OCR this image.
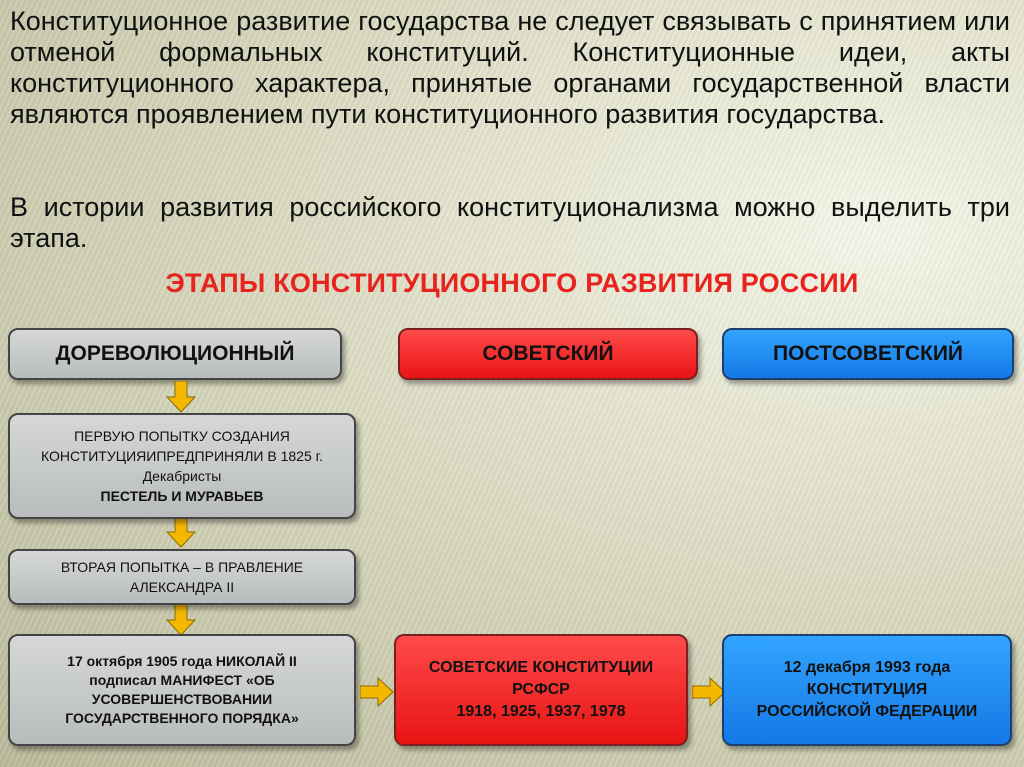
Конституционное развитие государства не следует связывать с принятием или отменой формальных конституций. Конституционные идеи, акты конституционного характера, принятые органами государственной власти являются проявлением пути конституционного развития государства.
В истории развития российского конституционализма можно выделить три этапа.
ЭТАПЫ КОНСТИТУЦИОННОГО РАЗВИТИЯ РОССИИ
ДОРЕВОЛЮЦИОННЫЙ	СОВЕТСКИЙ	ПОСТСОВЕТСКИЙ
ПЕРВУЮ ПОПЫТКУ СОЗДАНИЯ
КОНСТИТУЦИЯИПРЕДПРИНЯЛИ В 1825 г.
Декабристы
ПЕСТЕЛЬ И МУРАВЬЕВ
ВТОРАЯ ПОПЫТКА – В ПРАВЛЕНИЕ
АЛЕКСАНДРА II
17 октября 1905 года НИКОЛАЙ II
подписал МАНИФЕСТ «ОБ
УСОВЕРШЕНСТВОВАНИИ
ГОСУДАРСТВЕННОГО ПОРЯДКА»
СОВЕТСКИЕ КОНСТИТУЦИИ
РСФСР
1918, 1925, 1937, 1978
12 декабря 1993 года
КОНСТИТУЦИЯ
РОССИЙСКОЙ ФЕДЕРАЦИИ
